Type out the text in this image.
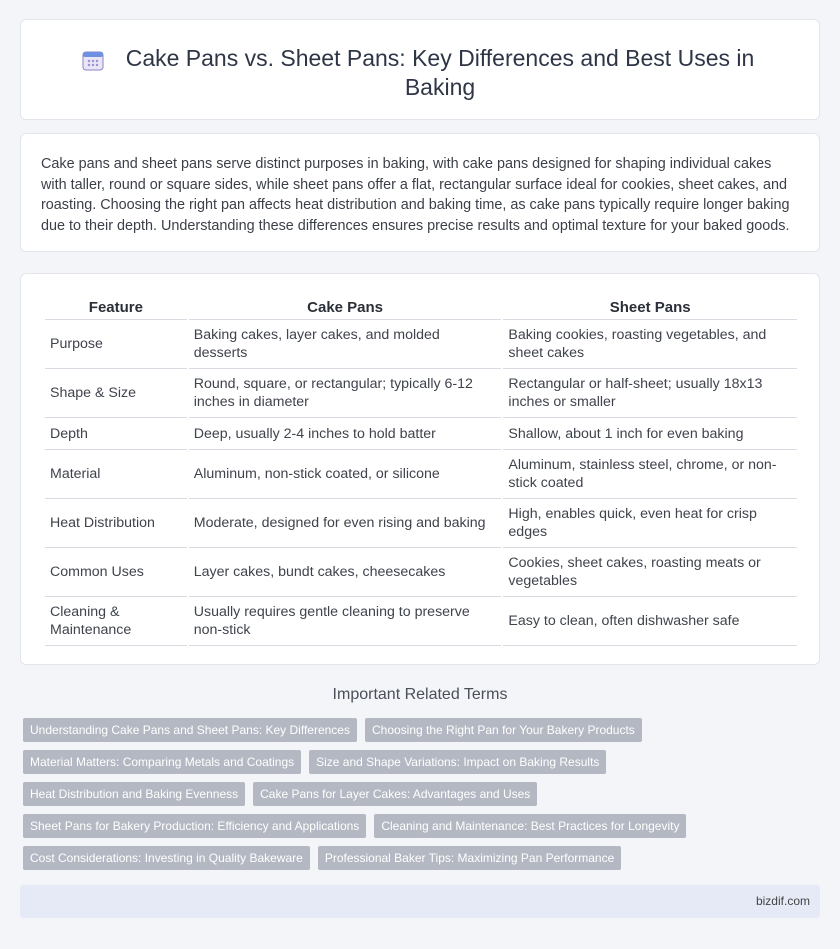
Cake Pans vs. Sheet Pans: Key Differences and Best Uses in Baking

Cake pans and sheet pans serve distinct purposes in baking, with cake pans designed for shaping individual cakes with taller, round or square sides, while sheet pans offer a flat, rectangular surface ideal for cookies, sheet cakes, and roasting. Choosing the right pan affects heat distribution and baking time, as cake pans typically require longer baking due to their depth. Understanding these differences ensures precise results and optimal texture for your baked goods.

Feature	Cake Pans	Sheet Pans
Purpose	Baking cakes, layer cakes, and molded desserts	Baking cookies, roasting vegetables, and sheet cakes
Shape & Size	Round, square, or rectangular; typically 6-12 inches in diameter	Rectangular or half-sheet; usually 18x13 inches or smaller
Depth	Deep, usually 2-4 inches to hold batter	Shallow, about 1 inch for even baking
Material	Aluminum, non-stick coated, or silicone	Aluminum, stainless steel, chrome, or non-stick coated
Heat Distribution	Moderate, designed for even rising and baking	High, enables quick, even heat for crisp edges
Common Uses	Layer cakes, bundt cakes, cheesecakes	Cookies, sheet cakes, roasting meats or vegetables
Cleaning & Maintenance	Usually requires gentle cleaning to preserve non-stick	Easy to clean, often dishwasher safe
Important Related Terms
Understanding Cake Pans and Sheet Pans: Key Differences	Choosing the Right Pan for Your Bakery Products
Material Matters: Comparing Metals and Coatings	Size and Shape Variations: Impact on Baking Results
Heat Distribution and Baking Evenness	Cake Pans for Layer Cakes: Advantages and Uses
Sheet Pans for Bakery Production: Efficiency and Applications	Cleaning and Maintenance: Best Practices for Longevity
Cost Considerations: Investing in Quality Bakeware	Professional Baker Tips: Maximizing Pan Performance
bizdif.com
